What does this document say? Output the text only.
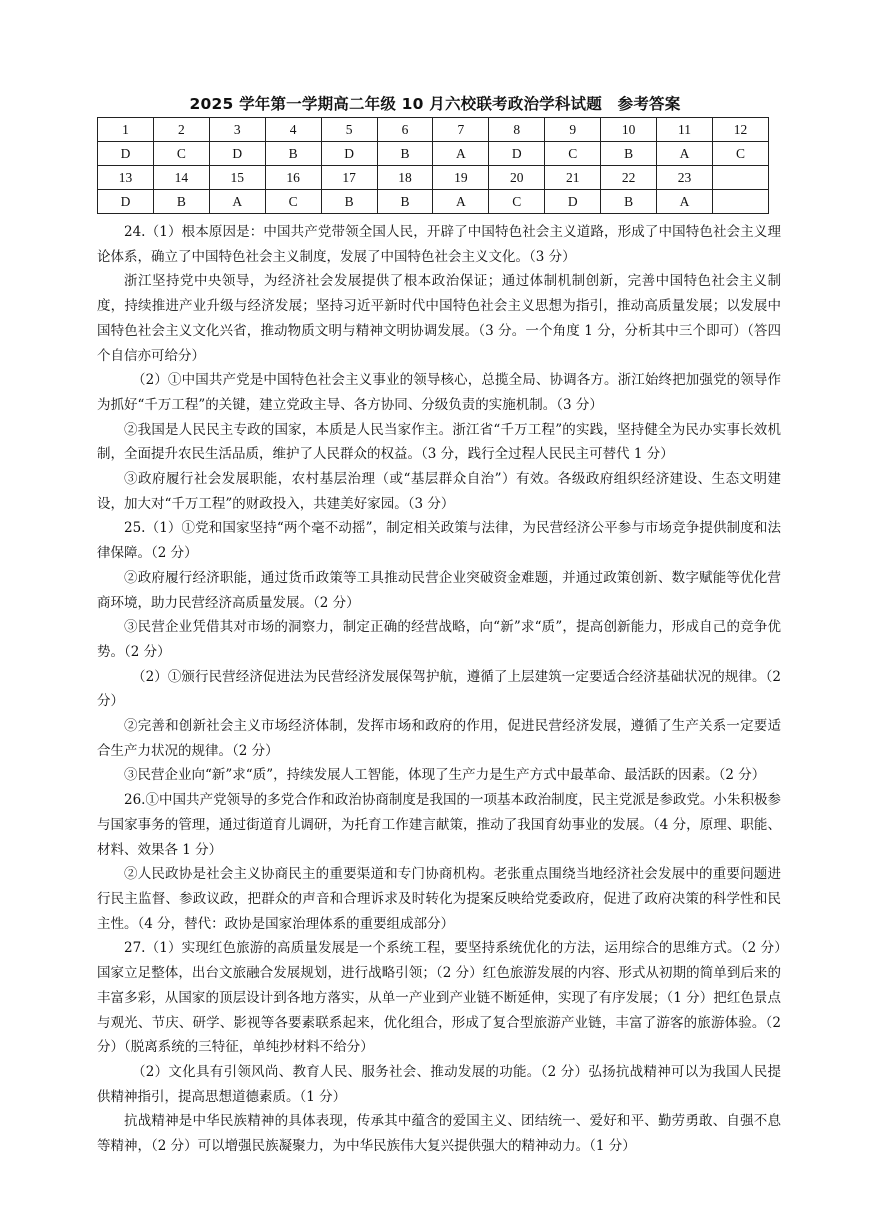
2025 学年第一学期高二年级 10 月六校联考政治学科试题　参考答案
1	2	3	4	5	6	7	8	9	10	11	12
D	C	D	B	D	B	A	D	C	B	A	C
13	14	15	16	17	18	19	20	21	22	23	
D	B	A	C	B	B	A	C	D	B	A	

24.（1）根本原因是：中国共产党带领全国人民，开辟了中国特色社会主义道路，形成了中国特色社会主义理论体系，确立了中国特色社会主义制度，发展了中国特色社会主义文化。（3 分）

浙江坚持党中央领导，为经济社会发展提供了根本政治保证；通过体制机制创新，完善中国特色社会主义制度，持续推进产业升级与经济发展；坚持习近平新时代中国特色社会主义思想为指引，推动高质量发展；以发展中国特色社会主义文化兴省，推动物质文明与精神文明协调发展。（3 分。一个角度 1 分，分析其中三个即可）（答四个自信亦可给分）

（2）①中国共产党是中国特色社会主义事业的领导核心，总揽全局、协调各方。浙江始终把加强党的领导作为抓好“千万工程”的关键，建立党政主导、各方协同、分级负责的实施机制。（3 分）

②我国是人民民主专政的国家，本质是人民当家作主。浙江省“千万工程”的实践，坚持健全为民办实事长效机制，全面提升农民生活品质，维护了人民群众的权益。（3 分，践行全过程人民民主可替代 1 分）

③政府履行社会发展职能，农村基层治理（或“基层群众自治”）有效。各级政府组织经济建设、生态文明建设，加大对“千万工程”的财政投入，共建美好家园。（3 分）

25.（1）①党和国家坚持“两个毫不动摇”，制定相关政策与法律，为民营经济公平参与市场竞争提供制度和法律保障。（2 分）

②政府履行经济职能，通过货币政策等工具推动民营企业突破资金难题，并通过政策创新、数字赋能等优化营商环境，助力民营经济高质量发展。（2 分）

③民营企业凭借其对市场的洞察力，制定正确的经营战略，向“新”求“质”，提高创新能力，形成自己的竞争优势。（2 分）

（2）①颁行民营经济促进法为民营经济发展保驾护航，遵循了上层建筑一定要适合经济基础状况的规律。（2 分）

②完善和创新社会主义市场经济体制，发挥市场和政府的作用，促进民营经济发展，遵循了生产关系一定要适合生产力状况的规律。（2 分）

③民营企业向“新”求“质”，持续发展人工智能，体现了生产力是生产方式中最革命、最活跃的因素。（2 分）

26.①中国共产党领导的多党合作和政治协商制度是我国的一项基本政治制度，民主党派是参政党。小朱积极参与国家事务的管理，通过街道育儿调研，为托育工作建言献策，推动了我国育幼事业的发展。（4 分，原理、职能、材料、效果各 1 分）

②人民政协是社会主义协商民主的重要渠道和专门协商机构。老张重点围绕当地经济社会发展中的重要问题进行民主监督、参政议政，把群众的声音和合理诉求及时转化为提案反映给党委政府，促进了政府决策的科学性和民主性。（4 分，替代：政协是国家治理体系的重要组成部分）

27.（1）实现红色旅游的高质量发展是一个系统工程，要坚持系统优化的方法，运用综合的思维方式。（2 分）国家立足整体，出台文旅融合发展规划，进行战略引领；（2 分）红色旅游发展的内容、形式从初期的简单到后来的丰富多彩，从国家的顶层设计到各地方落实，从单一产业到产业链不断延伸，实现了有序发展；（1 分）把红色景点与观光、节庆、研学、影视等各要素联系起来，优化组合，形成了复合型旅游产业链，丰富了游客的旅游体验。（2 分）（脱离系统的三特征，单纯抄材料不给分）

（2）文化具有引领风尚、教育人民、服务社会、推动发展的功能。（2 分）弘扬抗战精神可以为我国人民提供精神指引，提高思想道德素质。（1 分）

抗战精神是中华民族精神的具体表现，传承其中蕴含的爱国主义、团结统一、爱好和平、勤劳勇敢、自强不息等精神，（2 分）可以增强民族凝聚力，为中华民族伟大复兴提供强大的精神动力。（1 分）
